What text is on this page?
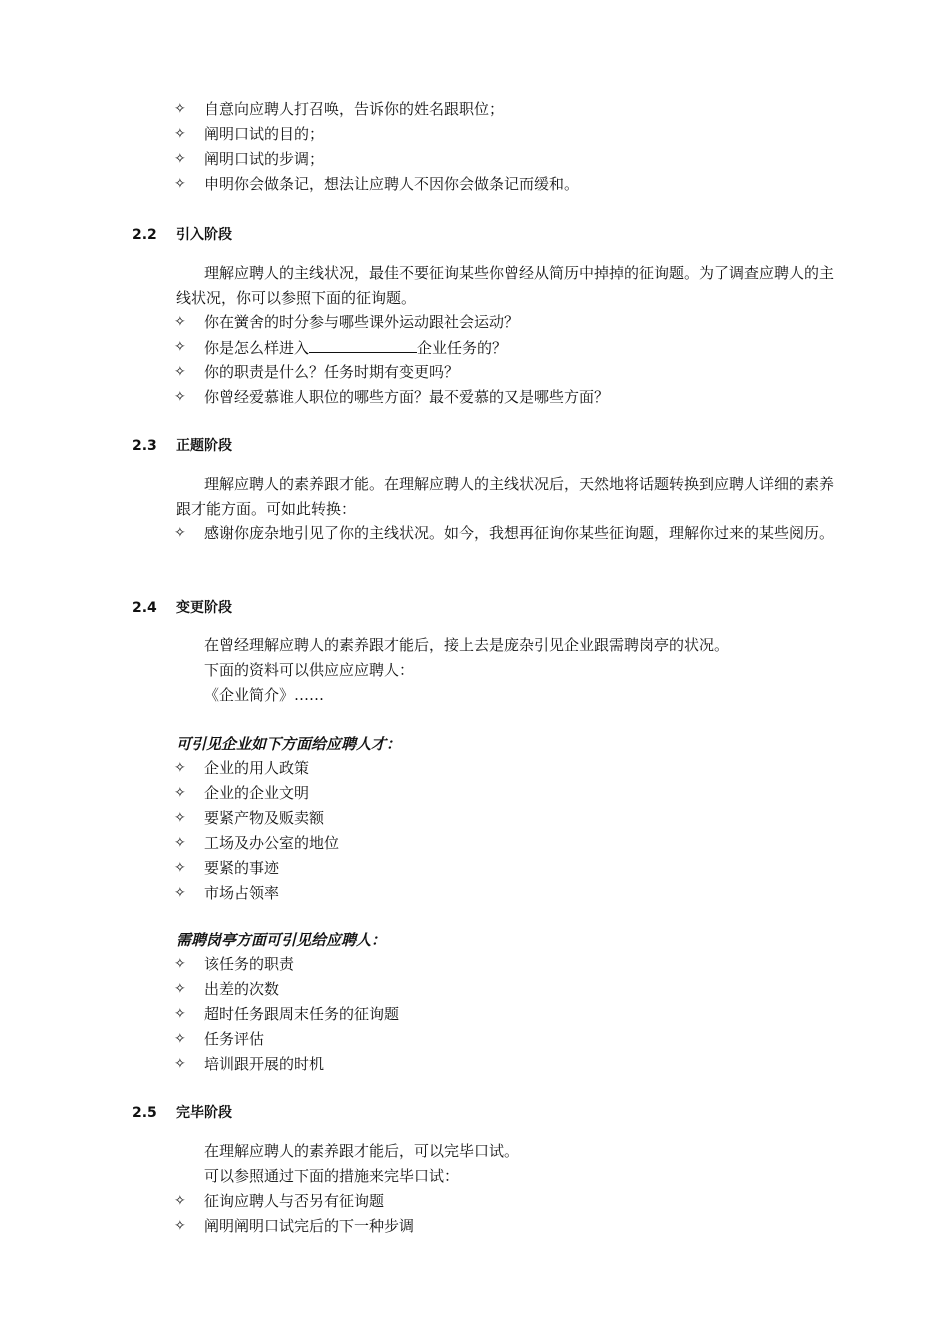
✧	自意向应聘人打召唤，告诉你的姓名跟职位；
✧	阐明口试的目的；
✧	阐明口试的步调；
✧	申明你会做条记，想法让应聘人不因你会做条记而缓和。
2.2 引入阶段
理解应聘人的主线状况，最佳不要征询某些你曾经从简历中掉掉的征询题。为了调查应聘人的主线状况，你可以参照下面的征询题。
✧	你在黉舍的时分参与哪些课外运动跟社会运动？
✧	你是怎么样进入	企业任务的？
✧	你的职责是什么？任务时期有变更吗？
✧	你曾经爱慕谁人职位的哪些方面？最不爱慕的又是哪些方面？
2.3 正题阶段
理解应聘人的素养跟才能。在理解应聘人的主线状况后，天然地将话题转换到应聘人详细的素养跟才能方面。可如此转换：
✧	感谢你庞杂地引见了你的主线状况。如今，我想再征询你某些征询题，理解你过来的某些阅历。
2.4 变更阶段
在曾经理解应聘人的素养跟才能后，接上去是庞杂引见企业跟需聘岗亭的状况。
下面的资料可以供应应应聘人：
《企业简介》……
可引见企业如下方面给应聘人才：
✧	企业的用人政策
✧	企业的企业文明
✧	要紧产物及贩卖额
✧	工场及办公室的地位
✧	要紧的事迹
✧	市场占领率
需聘岗亭方面可引见给应聘人：
✧	该任务的职责
✧	出差的次数
✧	超时任务跟周末任务的征询题
✧	任务评估
✧	培训跟开展的时机
2.5 完毕阶段
在理解应聘人的素养跟才能后，可以完毕口试。
可以参照通过下面的措施来完毕口试：
✧	征询应聘人与否另有征询题
✧	阐明阐明口试完后的下一种步调
